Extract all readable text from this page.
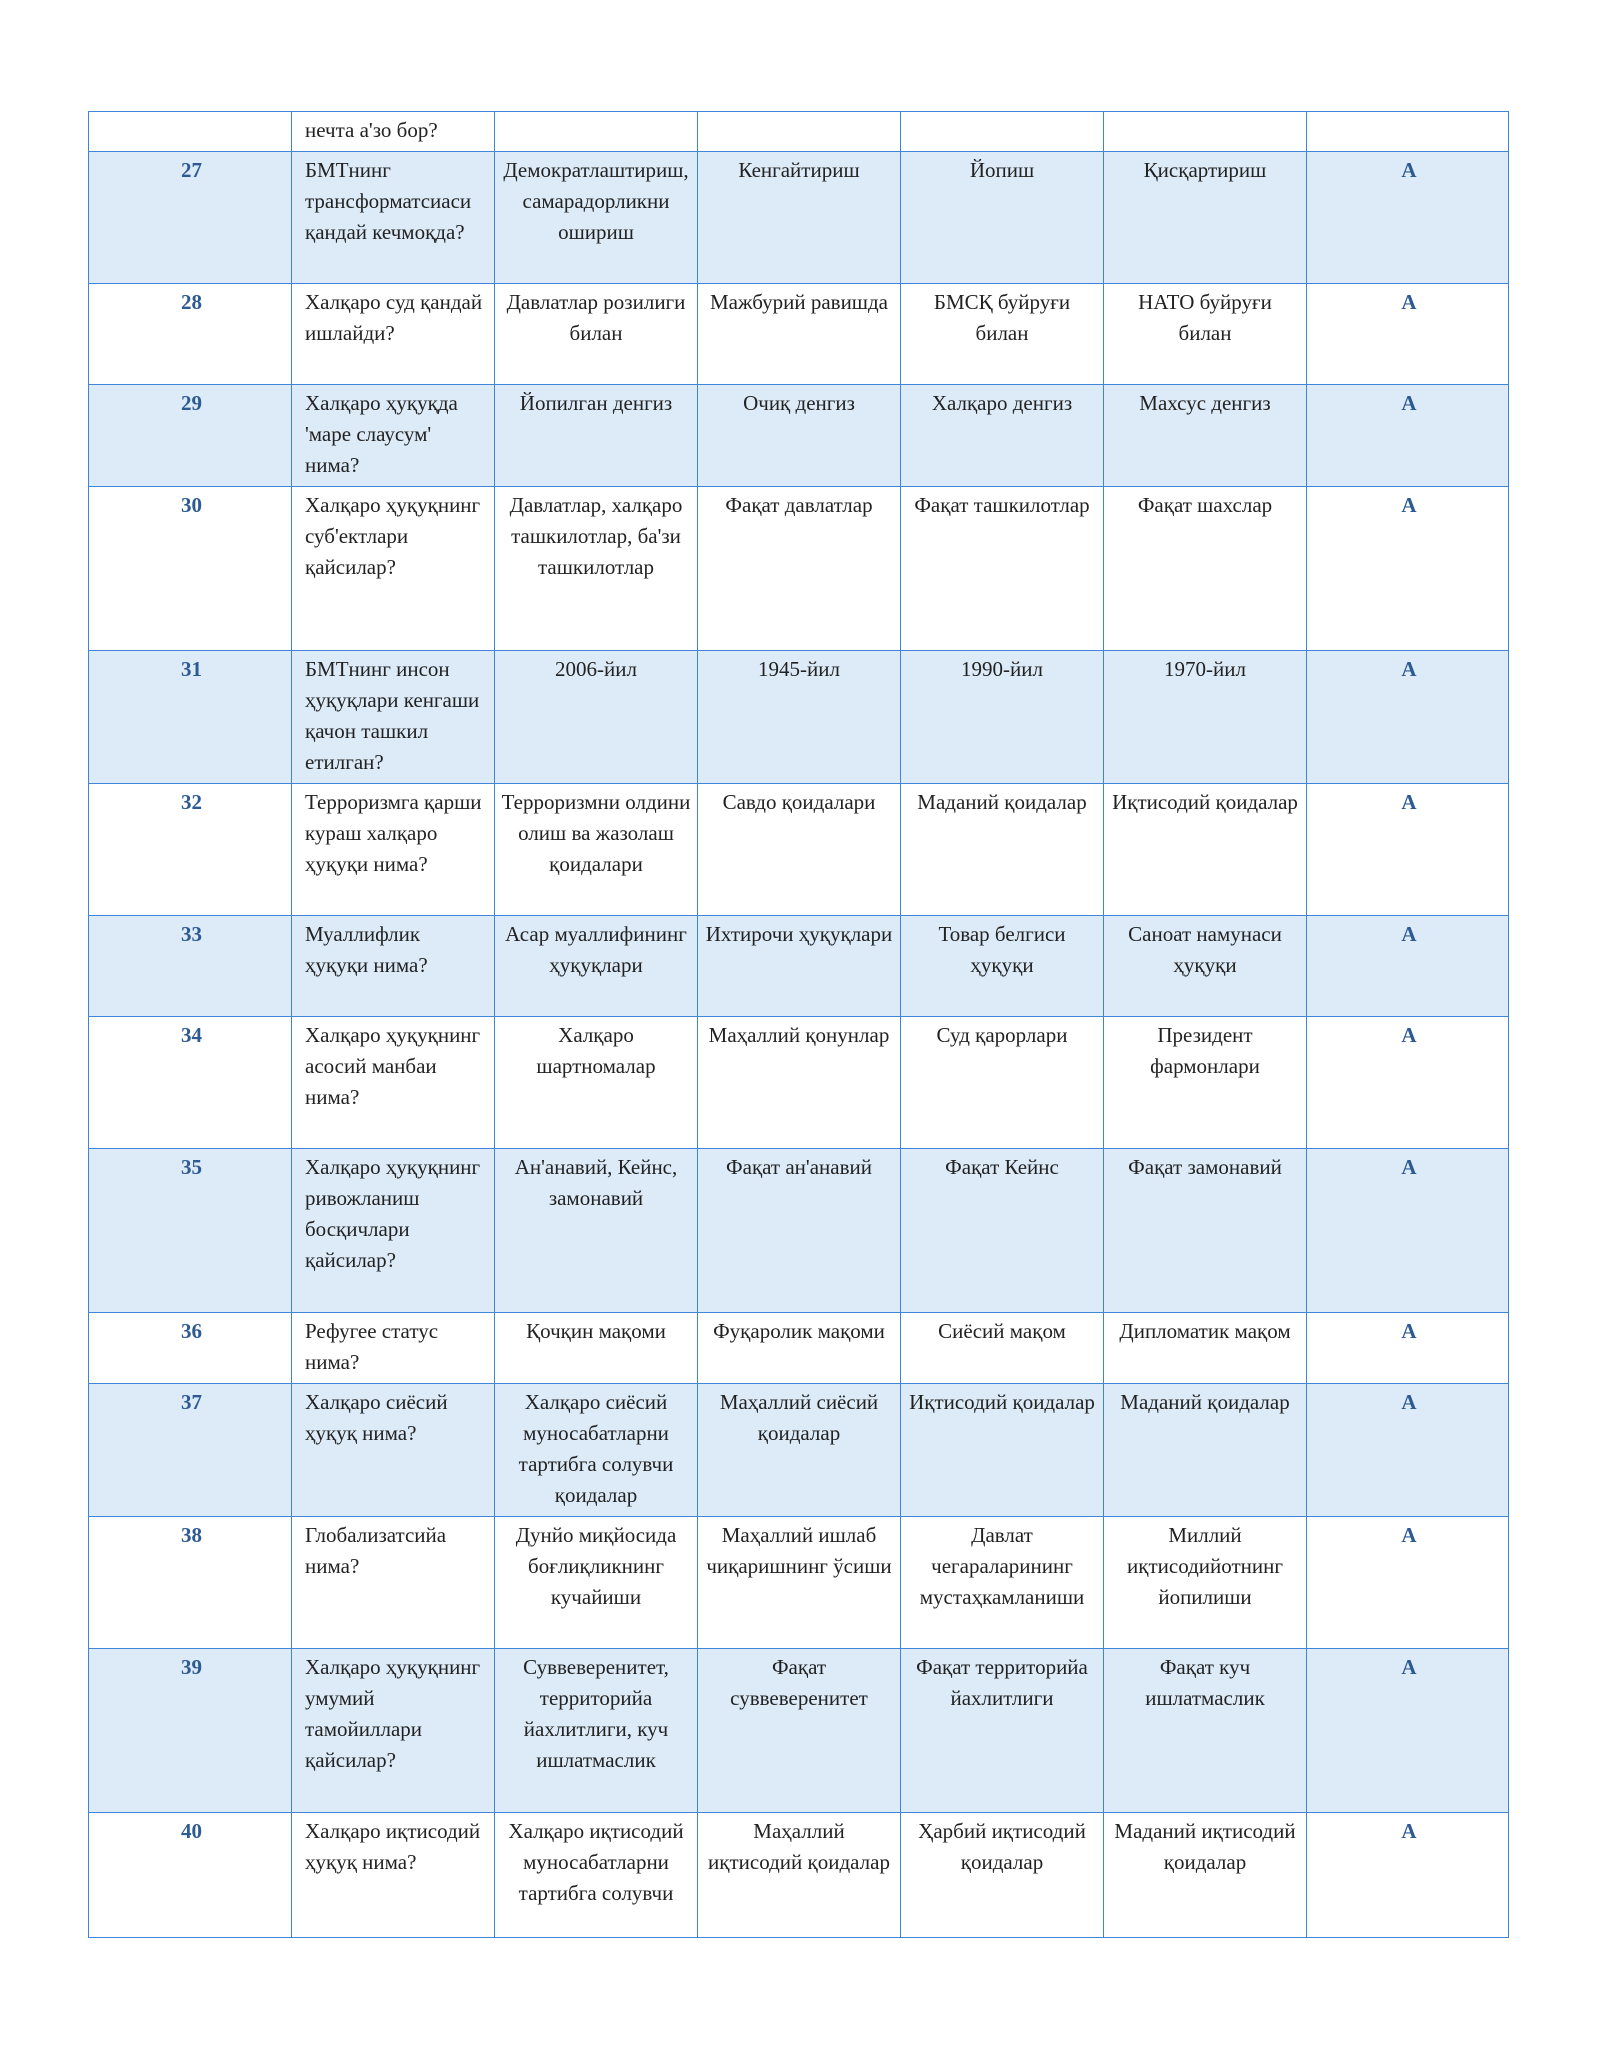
	нечта а'зо бор?					
27	БМТнинг трансформатсиаси қандай кечмоқда?	Демократлаштириш, самарадорликни ошириш	Кенгайтириш	Йопиш	Қисқартириш	A
28	Халқаро суд қандай ишлайди?	Давлатлар розилиги билан	Мажбурий равишда	БМСҚ буйруғи билан	НАТО буйруғи билан	A
29	Халқаро ҳуқуқда 'маре слаусум' нима?	Йопилган денгиз	Очиқ денгиз	Халқаро денгиз	Махсус денгиз	A
30	Халқаро ҳуқуқнинг суб'ектлари қайсилар?	Давлатлар, халқаро ташкилотлар, ба'зи ташкилотлар	Фақат давлатлар	Фақат ташкилотлар	Фақат шахслар	A
31	БМТнинг инсон ҳуқуқлари кенгаши қачон ташкил етилган?	2006-йил	1945-йил	1990-йил	1970-йил	A
32	Терроризмга қарши кураш халқаро ҳуқуқи нима?	Терроризмни олдини олиш ва жазолаш қоидалари	Савдо қоидалари	Маданий қоидалар	Иқтисодий қоидалар	A
33	Муаллифлик ҳуқуқи нима?	Асар муаллифининг ҳуқуқлари	Ихтирочи ҳуқуқлари	Товар белгиси ҳуқуқи	Саноат намунаси ҳуқуқи	A
34	Халқаро ҳуқуқнинг асосий манбаи нима?	Халқаро шартномалар	Маҳаллий қонунлар	Суд қарорлари	Президент фармонлари	A
35	Халқаро ҳуқуқнинг ривожланиш босқичлари қайсилар?	Ан'анавий, Кейнс, замонавий	Фақат ан'анавий	Фақат Кейнс	Фақат замонавий	A
36	Рефугее статус нима?	Қочқин мақоми	Фуқаролик мақоми	Сиёсий мақом	Дипломатик мақом	A
37	Халқаро сиёсий ҳуқуқ нима?	Халқаро сиёсий муносабатларни тартибга солувчи қоидалар	Маҳаллий сиёсий қоидалар	Иқтисодий қоидалар	Маданий қоидалар	A
38	Глобализатсийа нима?	Дунйо миқйосида боғлиқликнинг кучайиши	Маҳаллий ишлаб чиқаришнинг ўсиши	Давлат чегараларининг мустаҳкамланиши	Миллий иқтисодийотнинг йопилиши	A
39	Халқаро ҳуқуқнинг умумий тамойиллари қайсилар?	Суввеверенитет, территорийа йахлитлиги, куч ишлатмаслик	Фақат суввеверенитет	Фақат территорийа йахлитлиги	Фақат куч ишлатмаслик	A
40	Халқаро иқтисодий ҳуқуқ нима?	Халқаро иқтисодий муносабатларни тартибга солувчи	Маҳаллий иқтисодий қоидалар	Ҳарбий иқтисодий қоидалар	Маданий иқтисодий қоидалар	A
